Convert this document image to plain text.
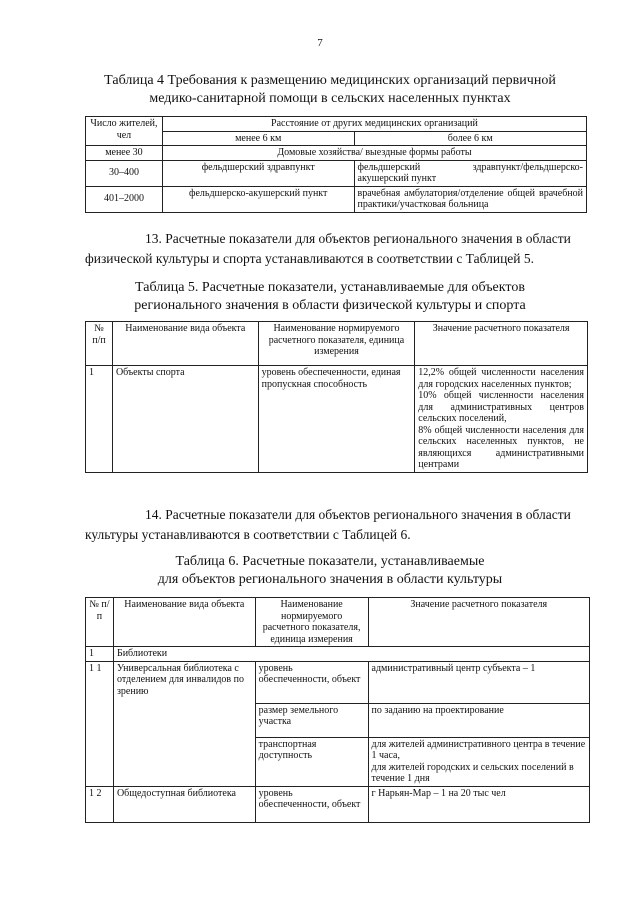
7
Таблица 4 Требования к размещению медицинских организаций первичной
медико-санитарной помощи в сельских населенных пунктах
Число жителей, чел	Расстояние от других медицинских организаций	
	менее 6 км	более 6 км
менее 30	Домовые хозяйства/ выездные формы работы	
30–400	фельдшерский здравпункт	фельдшерский здравпункт/фельдшерско-акушерский пункт
401–2000	фельдшерско-акушерский пункт	врачебная амбулатория/отделение общей врачебной практики/участковая больница
13. Расчетные показатели для объектов регионального значения в области
физической культуры и спорта устанавливаются в соответствии с Таблицей 5.
Таблица 5. Расчетные показатели, устанавливаемые для объектов
регионального значения в области физической культуры и спорта
№ п/п	Наименование вида объекта	Наименование нормируемого расчетного показателя, единица измерения	Значение расчетного показателя
1	Объекты спорта	уровень обеспеченности, единая пропускная способность	12,2% общей численности населения для городских населенных пунктов;
10% общей численности населения для административных центров сельских поселений,
8% общей численности населения для сельских населенных пунктов, не являющихся административными центрами
14. Расчетные показатели для объектов регионального значения в области
культуры устанавливаются в соответствии с Таблицей 6.
Таблица 6. Расчетные показатели, устанавливаемые
для объектов регионального значения в области культуры
№ п/п	Наименование вида объекта	Наименование нормируемого расчетного показателя, единица измерения	Значение расчетного показателя
1	Библиотеки		
1 1	Универсальная библиотека с отделением для инвалидов по зрению	уровень обеспеченности, объект	административный центр субъекта – 1
		размер земельного участка	по заданию на проектирование
		транспортная доступность	для жителей административного центра в течение 1 часа,
для жителей городских и сельских поселений в течение 1 дня

1 2	Общедоступная библиотека	уровень обеспеченности, объект	г Нарьян-Мар – 1 на 20 тыс чел
